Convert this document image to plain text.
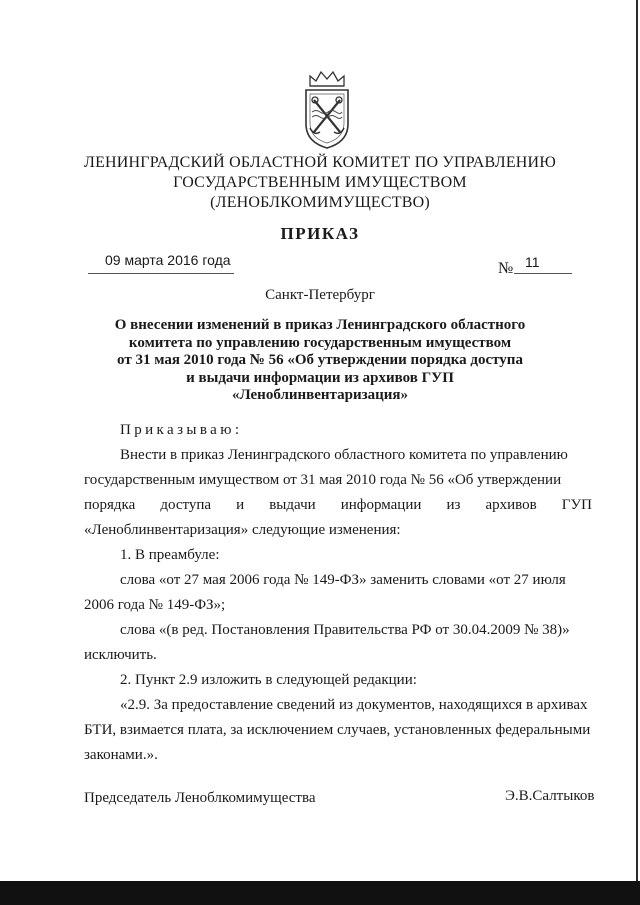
ЛЕНИНГРАДСКИЙ ОБЛАСТНОЙ КОМИТЕТ ПО УПРАВЛЕНИЮ
ГОСУДАРСТВЕННЫМ ИМУЩЕСТВОМ
(ЛЕНОБЛКОМИМУЩЕСТВО)
ПРИКАЗ
09 марта 2016 года	№ 11
Санкт-Петербург
О внесении изменений в приказ Ленинградского областного
комитета по управлению государственным имуществом
от 31 мая 2010 года № 56 «Об утверждении порядка доступа
и выдачи информации из архивов ГУП
«Леноблинвентаризация»
Приказываю:
Внести в приказ Ленинградского областного комитета по управлению
государственным имуществом от 31 мая 2010 года № 56 «Об утверждении
порядка доступа и выдачи информации из архивов ГУП
«Леноблинвентаризация» следующие изменения:
1. В преамбуле:
слова «от 27 мая 2006 года № 149-ФЗ» заменить словами «от 27 июля
2006 года № 149-ФЗ»;
слова «(в ред. Постановления Правительства РФ от 30.04.2009 № 38)»
исключить.
2. Пункт 2.9 изложить в следующей редакции:
«2.9. За предоставление сведений из документов, находящихся в архивах
БТИ, взимается плата, за исключением случаев, установленных федеральными
законами.».
Председатель Леноблкомимущества	Э.В.Салтыков
